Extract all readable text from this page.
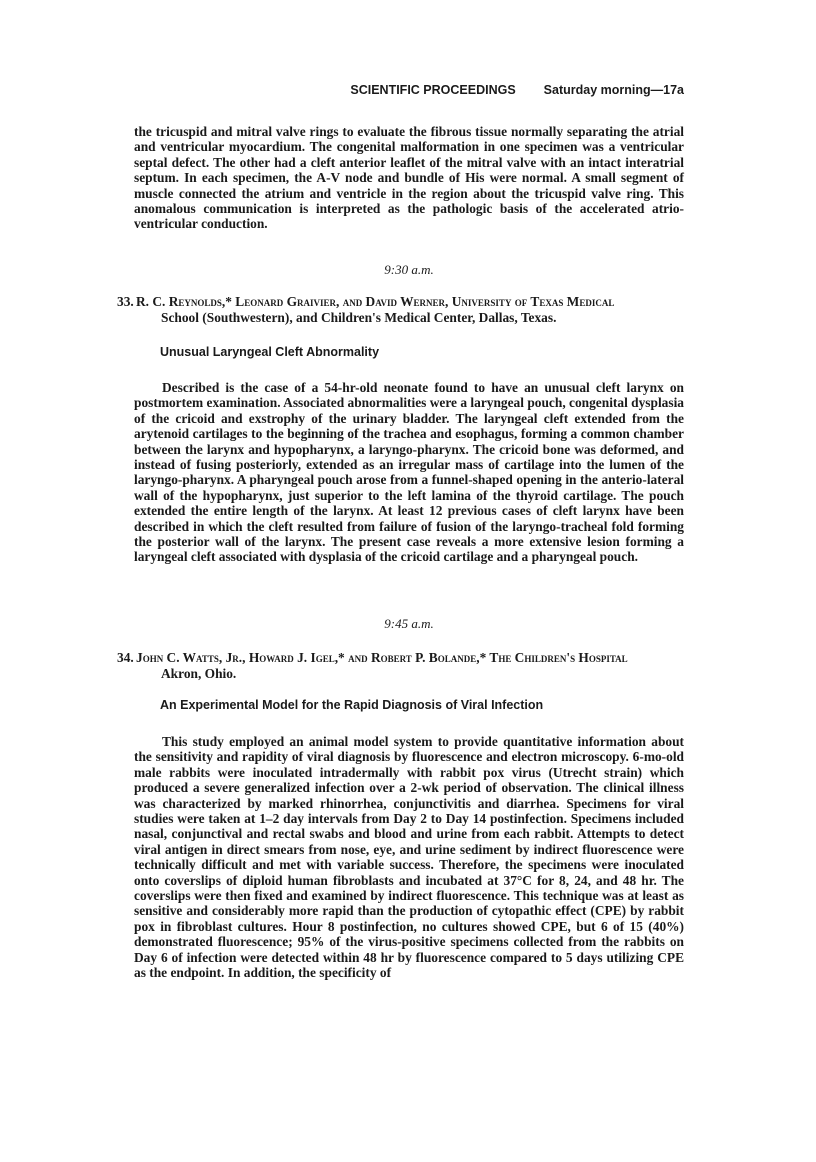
SCIENTIFIC PROCEEDINGS Saturday morning—17a

the tricuspid and mitral valve rings to evaluate the fibrous tissue normally separating the atrial and ventricular myocardium. The congenital malformation in one specimen was a ventricular septal defect. The other had a cleft anterior leaflet of the mitral valve with an intact interatrial septum. In each specimen, the A-V node and bundle of His were normal. A small segment of muscle connected the atrium and ventricle in the region about the tricuspid valve ring. This anomalous communication is interpreted as the pathologic basis of the accelerated atrio-ventricular conduction.

9:30 a.m.
33. R. C. Reynolds,* Leonard Graivier, and David Werner, University of Texas Medical
School (Southwestern), and Children's Medical Center, Dallas, Texas.
Unusual Laryngeal Cleft Abnormality

Described is the case of a 54-hr-old neonate found to have an unusual cleft larynx on postmortem examination. Associated abnormalities were a laryngeal pouch, congenital dysplasia of the cricoid and exstrophy of the urinary bladder. The laryngeal cleft extended from the arytenoid cartilages to the beginning of the trachea and esophagus, forming a common chamber between the larynx and hypopharynx, a laryngo-pharynx. The cricoid bone was deformed, and instead of fusing posteriorly, extended as an irregular mass of cartilage into the lumen of the laryngo-pharynx. A pharyngeal pouch arose from a funnel-shaped opening in the anterio-lateral wall of the hypopharynx, just superior to the left lamina of the thyroid cartilage. The pouch extended the entire length of the larynx. At least 12 previous cases of cleft larynx have been described in which the cleft resulted from failure of fusion of the laryngo-tracheal fold forming the posterior wall of the larynx. The present case reveals a more extensive lesion forming a laryngeal cleft associated with dysplasia of the cricoid cartilage and a pharyngeal pouch.

9:45 a.m.
34. John C. Watts, Jr., Howard J. Igel,* and Robert P. Bolande,* The Children's Hospital
Akron, Ohio.
An Experimental Model for the Rapid Diagnosis of Viral Infection

This study employed an animal model system to provide quantitative information about the sensitivity and rapidity of viral diagnosis by fluorescence and electron microscopy. 6-mo-old male rabbits were inoculated intradermally with rabbit pox virus (Utrecht strain) which produced a severe generalized infection over a 2-wk period of observation. The clinical illness was characterized by marked rhinorrhea, conjunctivitis and diarrhea. Specimens for viral studies were taken at 1–2 day intervals from Day 2 to Day 14 postinfection. Specimens included nasal, conjunctival and rectal swabs and blood and urine from each rabbit. Attempts to detect viral antigen in direct smears from nose, eye, and urine sediment by indirect fluorescence were technically difficult and met with variable success. Therefore, the specimens were inoculated onto coverslips of diploid human fibroblasts and incubated at 37°C for 8, 24, and 48 hr. The coverslips were then fixed and examined by indirect fluorescence. This technique was at least as sensitive and considerably more rapid than the production of cytopathic effect (CPE) by rabbit pox in fibroblast cultures. Hour 8 postinfection, no cultures showed CPE, but 6 of 15 (40%) demonstrated fluorescence; 95% of the virus-positive specimens collected from the rabbits on Day 6 of infection were detected within 48 hr by fluorescence compared to 5 days utilizing CPE as the endpoint. In addition, the specificity of
